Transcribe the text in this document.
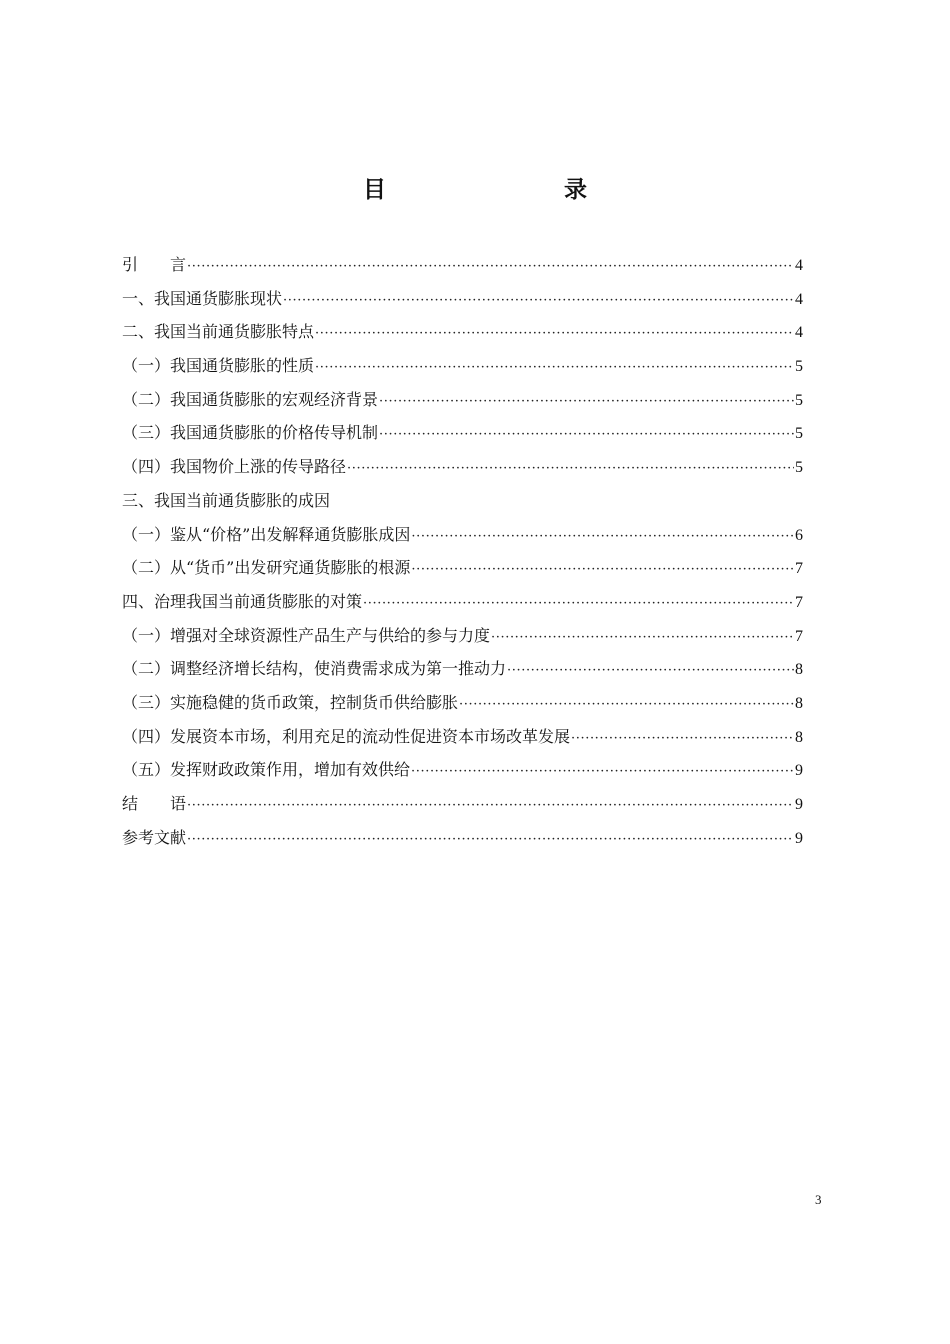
目　　录
引　　言 ·····	4
一、我国通货膨胀现状 ·····	4
二、我国当前通货膨胀特点 ·····	4
（一）我国通货膨胀的性质 ·····	5
（二）我国通货膨胀的宏观经济背景 ·····	5
（三）我国通货膨胀的价格传导机制 ·····	5
（四）我国物价上涨的传导路径 ·····	5
三、我国当前通货膨胀的成因
（一）鉴从“价格”出发解释通货膨胀成因 ·····	6
（二）从“货币”出发研究通货膨胀的根源 ·····	7
四、治理我国当前通货膨胀的对策 ·····	7
（一）增强对全球资源性产品生产与供给的参与力度 ·····	7
（二）调整经济增长结构，使消费需求成为第一推动力 ·····	8
（三）实施稳健的货币政策，控制货币供给膨胀 ·····	8
（四）发展资本市场，利用充足的流动性促进资本市场改革发展 ·····	8
（五）发挥财政政策作用，增加有效供给 ·····	9
结　　语 ·····	9
参考文献 ·····	9
3
